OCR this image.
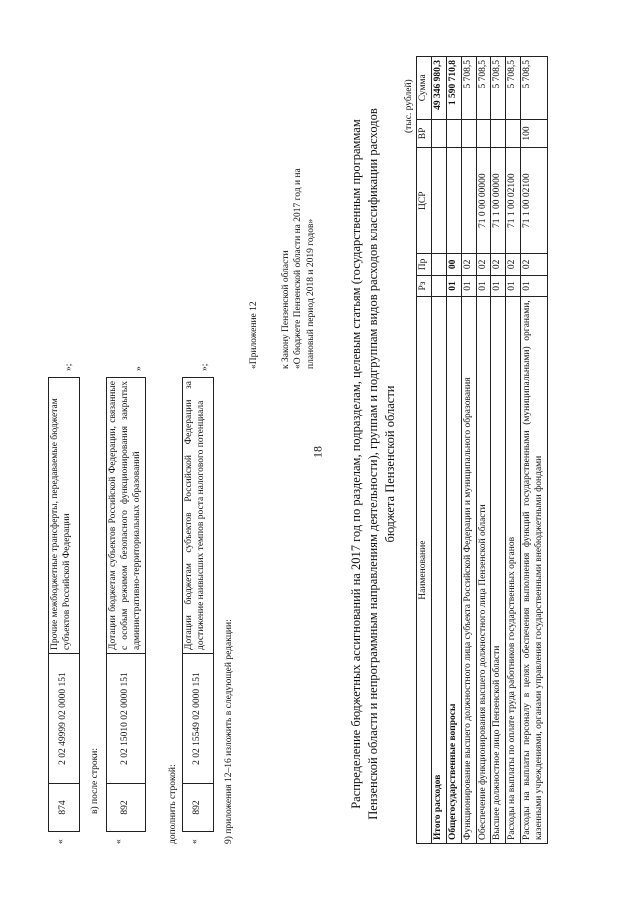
18
«
874	2 02 49999 02 0000 151	Прочие межбюджетные трансферты, передаваемые бюджетам субъектов Российской Федерации
»;
в) после строки:
«
892	2 02 15010 02 0000 151	Дотации бюджетам субъектов Российской Федерации, связанные с особым режимом безопасного функционирования закрытых административно-территориальных образований
»
дополнить строкой: «
892	2 02 15549 02 0000 151	Дотации бюджетам субъектов Российской Федерации за достижение наивысших темпов роста налогового потенциала
»;
9) приложения 12–16 изложить в следующей редакции:
«Приложение 12 к Закону Пензенской области «О бюджете Пензенской области на 2017 год и на плановый период 2018 и 2019 годов»	Распределение бюджетных ассигнований на 2017 год по разделам, подразделам, целевым статьям (государственным программам Пензенской области и непрограммным направлениям деятельности), группам и подгруппам видов расходов классификации расходов бюджета Пензенской области
(тыс. рублей)
Наименование	Рз	Пр	ЦСР	ВР	Сумма
Итого расходов					49 346 980,3
Общегосударственные вопросы	01	00			1 590 710,8
Функционирование высшего должностного лица субъекта Российской Федерации и муниципального образования	01	02			5 708,5
Обеспечение функционирования высшего должностного лица Пензенской области	01	02	71 0 00 00000		5 708,5
Высшее должностное лицо Пензенской области	01	02	71 1 00 00000		5 708,5
Расходы на выплаты по оплате труда работников государственных органов	01	02	71 1 00 02100		5 708,5
Расходы на выплаты персоналу в целях обеспечения выполнения функций государственными (муниципальными) органами, казенными учреждениями, органами управления государственными внебюджетными фондами	01	02	71 1 00 02100	100	5 708,5
